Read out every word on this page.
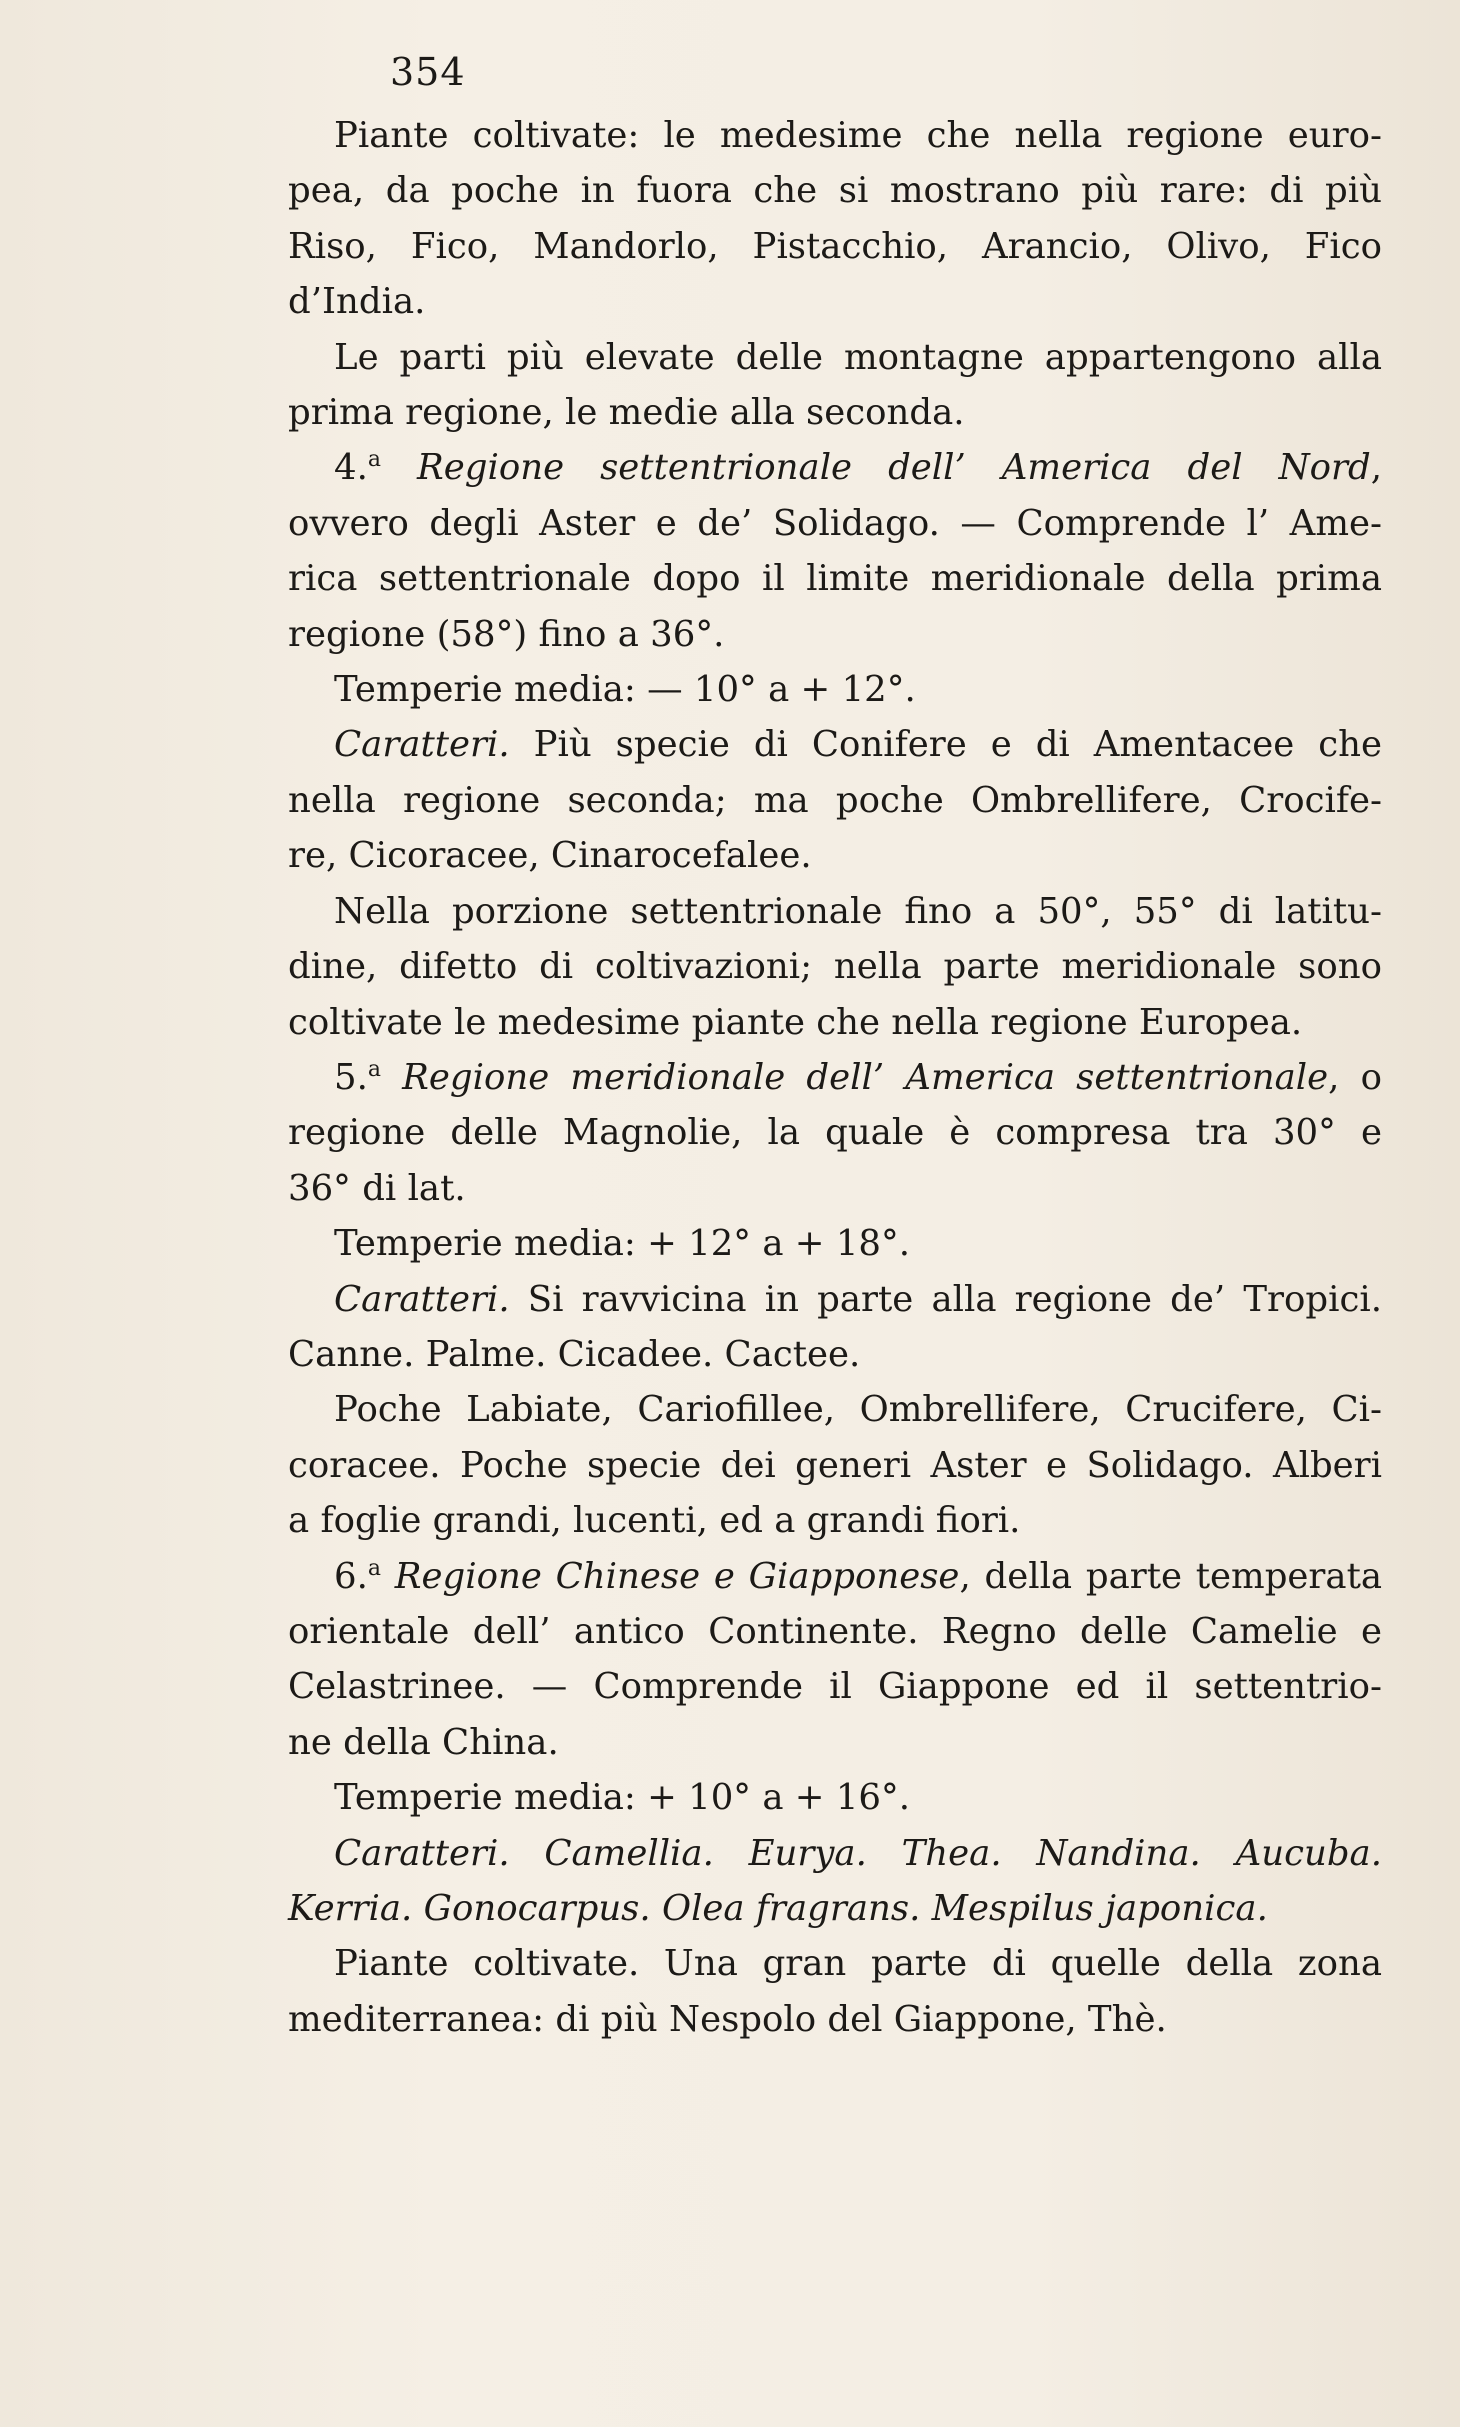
354
Piante coltivate: le medesime che nella regione euro-
pea, da poche in fuora che si mostrano più rare: di più
Riso, Fico, Mandorlo, Pistacchio, Arancio, Olivo, Fico
d’India.
Le parti più elevate delle montagne appartengono alla
prima regione, le medie alla seconda.
4.$^a$ Regione settentrionale dell’ America del Nord,
ovvero degli Aster e de’ Solidago. — Comprende l’ Ame-
rica settentrionale dopo il limite meridionale della prima
regione (58°) fino a 36°.
Temperie media: — 10° a + 12°.
Caratteri. Più specie di Conifere e di Amentacee che
nella regione seconda; ma poche Ombrellifere, Crocife-
re, Cicoracee, Cinarocefalee.
Nella porzione settentrionale fino a 50°, 55° di latitu-
dine, difetto di coltivazioni; nella parte meridionale sono
coltivate le medesime piante che nella regione Europea.
5.$^a$ Regione meridionale dell’ America settentrionale, o
regione delle Magnolie, la quale è compresa tra 30° e
36° di lat.
Temperie media: + 12° a + 18°.
Caratteri. Si ravvicina in parte alla regione de’ Tropici.
Canne. Palme. Cicadee. Cactee.
Poche Labiate, Cariofillee, Ombrellifere, Crucifere, Ci-
coracee. Poche specie dei generi Aster e Solidago. Alberi
a foglie grandi, lucenti, ed a grandi fiori.
6.$^a$ Regione Chinese e Giapponese, della parte temperata
orientale dell’ antico Continente. Regno delle Camelie e
Celastrinee. — Comprende il Giappone ed il settentrio-
ne della China.
Temperie media: + 10° a + 16°.
Caratteri. Camellia. Eurya. Thea. Nandina. Aucuba.
Kerria. Gonocarpus. Olea fragrans. Mespilus japonica.
Piante coltivate. Una gran parte di quelle della zona
mediterranea: di più Nespolo del Giappone, Thè.
